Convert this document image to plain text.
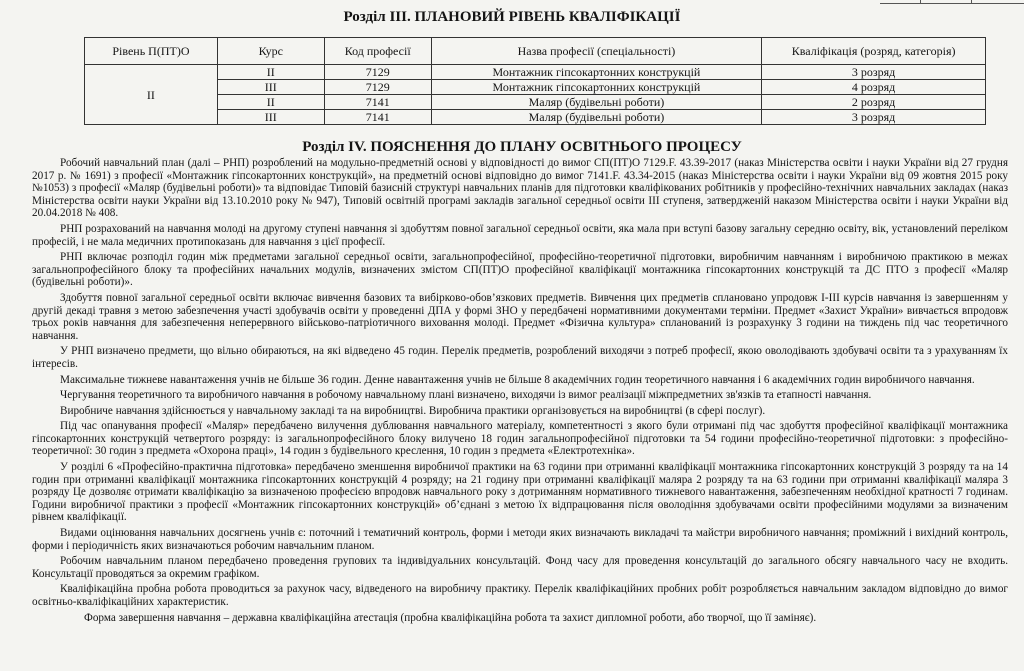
Розділ ІІІ. ПЛАНОВИЙ РІВЕНЬ КВАЛІФІКАЦІЇ
Рівень П(ПТ)О	Курс	Код професії	Назва професії (спеціальності)	Кваліфікація (розряд, категорія)
ІІ	ІІ	7129	Монтажник гіпсокартонних конструкцій	3 розряд
	ІІІ	7129	Монтажник гіпсокартонних конструкцій	4 розряд
	ІІ	7141	Маляр (будівельні роботи)	2 розряд
	ІІІ	7141	Маляр (будівельні роботи)	3 розряд
Розділ ІV. ПОЯСНЕННЯ ДО ПЛАНУ ОСВІТНЬОГО ПРОЦЕСУ

Робочий навчальний план (далі – РНП) розроблений на модульно-предметній основі у відповідності до вимог СП(ПТ)О 7129.F. 43.39-2017 (наказ Міністерства освіти і науки України від 27 грудня 2017 р. № 1691) з професії «Монтажник гіпсокартонних конструкцій», на предметній основі відповідно до вимог 7141.F. 43.34-2015 (наказ Міністерства освіти і науки України від 09 жовтня 2015 року №1053) з професії «Маляр (будівельні роботи)» та відповідає Типовій базисній структурі навчальних планів для підготовки кваліфікованих робітників у професійно-технічних навчальних закладах (наказ Міністерства освіти науки України від 13.10.2010 року № 947), Типовій освітній програмі закладів загальної середньої освіти ІІІ ступеня, затвердженій наказом Міністерства освіти і науки України від 20.04.2018 № 408.

РНП розрахований на навчання молоді на другому ступені навчання зі здобуттям повної загальної середньої освіти, яка мала при вступі базову загальну середню освіту, вік, установлений переліком професій, і не мала медичних протипоказань для навчання з цієї професії.

РНП включає розподіл годин між предметами загальної середньої освіти, загальнопрофесійної, професійно-теоретичної підготовки, виробничим навчанням і виробничою практикою в межах загальнопрофесійного блоку та професійних начальних модулів, визначених змістом СП(ПТ)О професійної кваліфікації монтажника гіпсокартонних конструкцій та ДС ПТО з професії «Маляр (будівельні роботи)».

Здобуття повної загальної середньої освіти включає вивчення базових та вибірково-обов’язкових предметів. Вивчення цих предметів сплановано упродовж І-ІІІ курсів навчання із завершенням у другій декаді травня з метою забезпечення участі здобувачів освіти у проведенні ДПА у формі ЗНО у передбачені нормативними документами терміни. Предмет «Захист України» вивчається впродовж трьох років навчання для забезпечення неперервного військово-патріотичного виховання молоді. Предмет «Фізична культура» спланований із розрахунку 3 години на тиждень під час теоретичного навчання.

У РНП визначено предмети, що вільно обираються, на які відведено 45 годин. Перелік предметів, розроблений виходячи з потреб професії, якою оволодівають здобувачі освіти та з урахуванням їх інтересів.

Максимальне тижневе навантаження учнів не більше 36 годин. Денне навантаження учнів не більше 8 академічних годин теоретичного навчання і 6 академічних годин виробничого навчання.

Чергування теоретичного та виробничого навчання в робочому навчальному плані визначено, виходячи із вимог реалізації міжпредметних зв'язків та етапності навчання.

Виробниче навчання здійснюється у навчальному закладі та на виробництві. Виробнича практики організовується на виробництві (в сфері послуг).

Під час опанування професії «Маляр» передбачено вилучення дублювання навчального матеріалу, компетентності з якого були отримані під час здобуття професійної кваліфікації монтажника гіпсокартонних конструкцій четвертого розряду: із загальнопрофесійного блоку вилучено 18 годин загальнопрофесійної підготовки та 54 години професійно-теоретичної підготовки: з професійно-теоретичної: 30 годин з предмета «Охорона праці», 14 годин з будівельного креслення, 10 годин з предмета «Електротехніка».

У розділі 6 «Професійно-практична підготовка» передбачено зменшення виробничої практики на 63 години при отриманні кваліфікації монтажника гіпсокартонних конструкцій 3 розряду та на 14 годин при отриманні кваліфікації монтажника гіпсокартонних конструкцій 4 розряду; на 21 годину при отриманні кваліфікації маляра 2 розряду та на 63 години при отриманні кваліфікації маляра 3 розряду Це дозволяє отримати кваліфікацію за визначеною професією впродовж навчального року з дотриманням нормативного тижневого навантаження, забезпеченням необхідної кратності 7 годинам. Години виробничої практики з професії «Монтажник гіпсокартонних конструкцій» об’єднані з метою їх відпрацювання після оволодіння здобувачами освіти професійними модулями за визначеним рівнем кваліфікації.

Видами оцінювання навчальних досягнень учнів є: поточний і тематичний контроль, форми і методи яких визначають викладачі та майстри виробничого навчання; проміжний і вихідний контроль, форми і періодичність яких визначаються робочим навчальним планом.

Робочим навчальним планом передбачено проведення групових та індивідуальних консультацій. Фонд часу для проведення консультацій до загального обсягу навчального часу не входить. Консультації проводяться за окремим графіком.

Кваліфікаційна пробна робота проводиться за рахунок часу, відведеного на виробничу практику. Перелік кваліфікаційних пробних робіт розробляється навчальним закладом відповідно до вимог освітньо-кваліфікаційних характеристик.

Форма завершення навчання – державна кваліфікаційна атестація (пробна кваліфікаційна робота та захист дипломної роботи, або творчої, що її заміняє).
